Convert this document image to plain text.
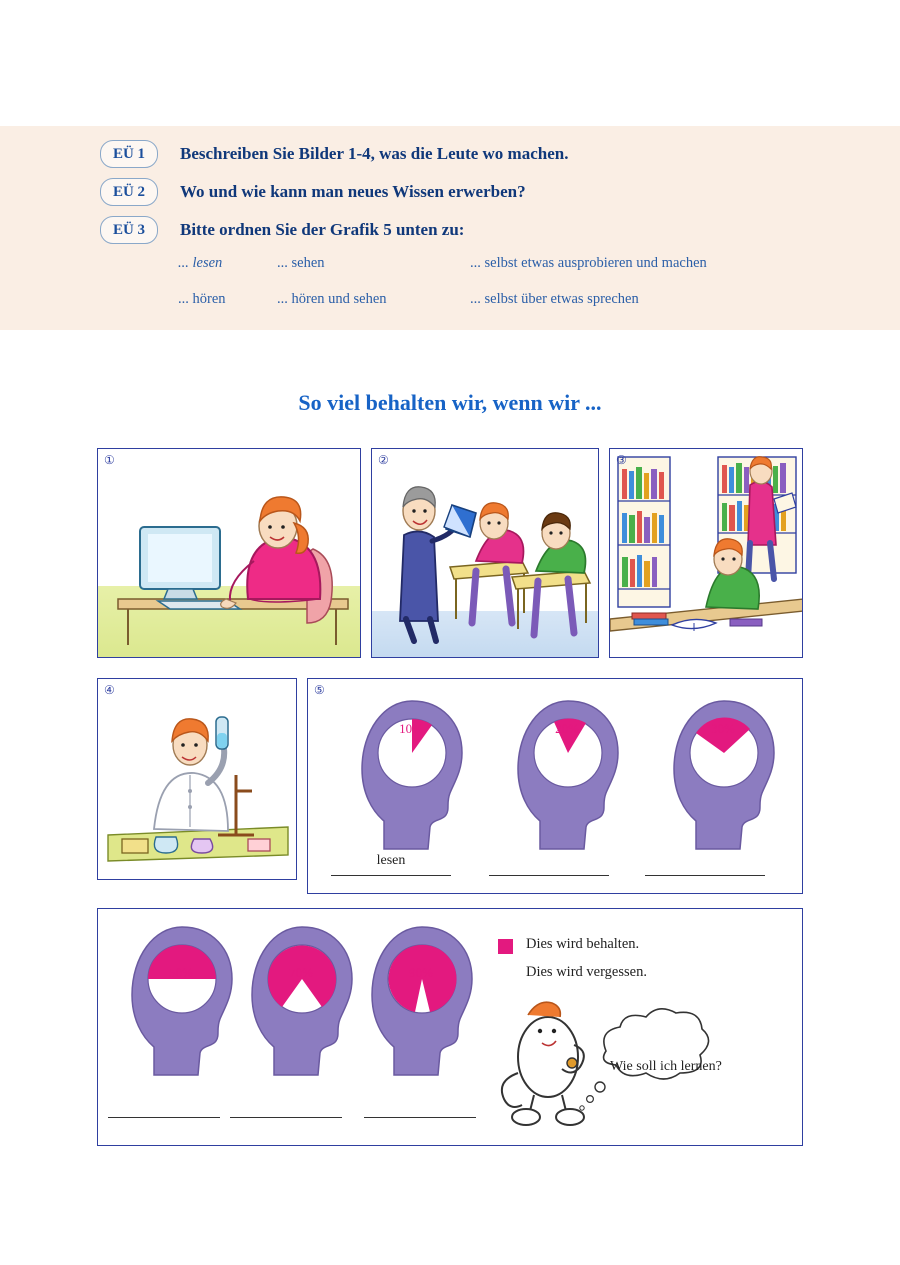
EÜ 1	Beschreiben Sie Bilder 1-4, was die Leute wo machen.
EÜ 2	Wo und wie kann man neues Wissen erwerben?
EÜ 3	Bitte ordnen Sie der Grafik 5 unten zu:
... lesen	... sehen	... selbst etwas ausprobieren und machen
... hören	... hören und sehen	... selbst über etwas sprechen
So viel behalten wir, wenn wir ...
①	②	③
④	⑤
10%	20%	30%
lesen
50%	70%	90%
Dies wird behalten.
Dies wird vergessen.
Wie soll ich lernen?
